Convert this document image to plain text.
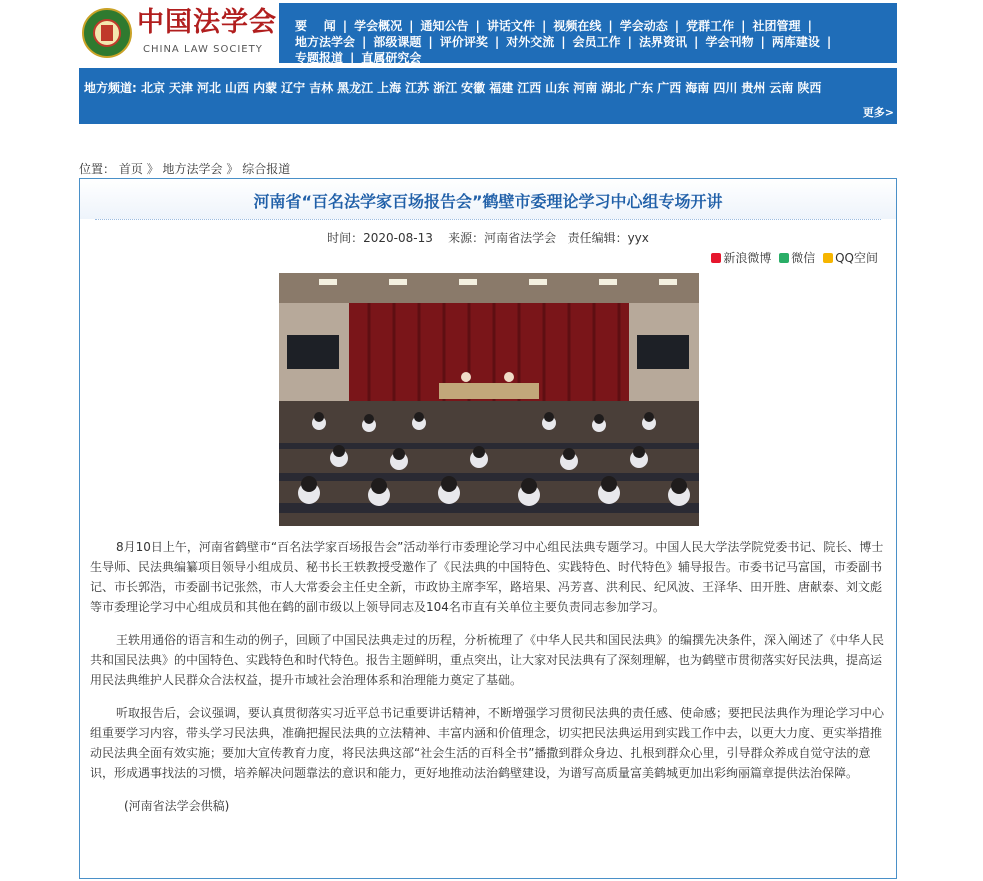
中国法学会
CHINA LAW SOCIETY
要    闻 | 学会概况 | 通知公告 | 讲话文件 | 视频在线 | 学会动态 | 党群工作 | 社团管理 |
地方法学会 | 部级课题 | 评价评奖 | 对外交流 | 会员工作 | 法界资讯 | 学会刊物 | 两库建设 |
专题报道 | 直属研究会
地方频道: 北京 天津 河北 山西 内蒙 辽宁 吉林 黑龙江 上海 江苏 浙江 安徽 福建 江西 山东 河南 湖北 广东 广西 海南 四川 贵州 云南 陕西
更多>
位置： 首页 》 地方法学会 》 综合报道
河南省“百名法学家百场报告会”鹤壁市委理论学习中心组专场开讲
时间：2020-08-13    来源：河南省法学会   责任编辑：yyx
新浪微博 微信 QQ空间

8月10日上午，河南省鹤壁市“百名法学家百场报告会”活动举行市委理论学习中心组民法典专题学习。中国人民大学法学院党委书记、院长、博士生导师、民法典编纂项目领导小组成员、秘书长王轶教授受邀作了《民法典的中国特色、实践特色、时代特色》辅导报告。市委书记马富国，市委副书记、市长郭浩，市委副书记张然，市人大常委会主任史全新，市政协主席李军，路培果、冯芳喜、洪利民、纪风波、王泽华、田开胜、唐献泰、刘文彪等市委理论学习中心组成员和其他在鹤的副市级以上领导同志及104名市直有关单位主要负责同志参加学习。

王轶用通俗的语言和生动的例子，回顾了中国民法典走过的历程，分析梳理了《中华人民共和国民法典》的编撰先决条件，深入阐述了《中华人民共和国民法典》的中国特色、实践特色和时代特色。报告主题鲜明，重点突出，让大家对民法典有了深刻理解，也为鹤壁市贯彻落实好民法典，提高运用民法典维护人民群众合法权益，提升市域社会治理体系和治理能力奠定了基础。

听取报告后，会议强调，要认真贯彻落实习近平总书记重要讲话精神，不断增强学习贯彻民法典的责任感、使命感；要把民法典作为理论学习中心组重要学习内容，带头学习民法典，准确把握民法典的立法精神、丰富内涵和价值理念，切实把民法典运用到实践工作中去，以更大力度、更实举措推动民法典全面有效实施；要加大宣传教育力度，将民法典这部“社会生活的百科全书”播撒到群众身边、扎根到群众心里，引导群众养成自觉守法的意识，形成遇事找法的习惯，培养解决问题靠法的意识和能力，更好地推动法治鹤壁建设，为谱写高质量富美鹤城更加出彩绚丽篇章提供法治保障。

(河南省法学会供稿)
